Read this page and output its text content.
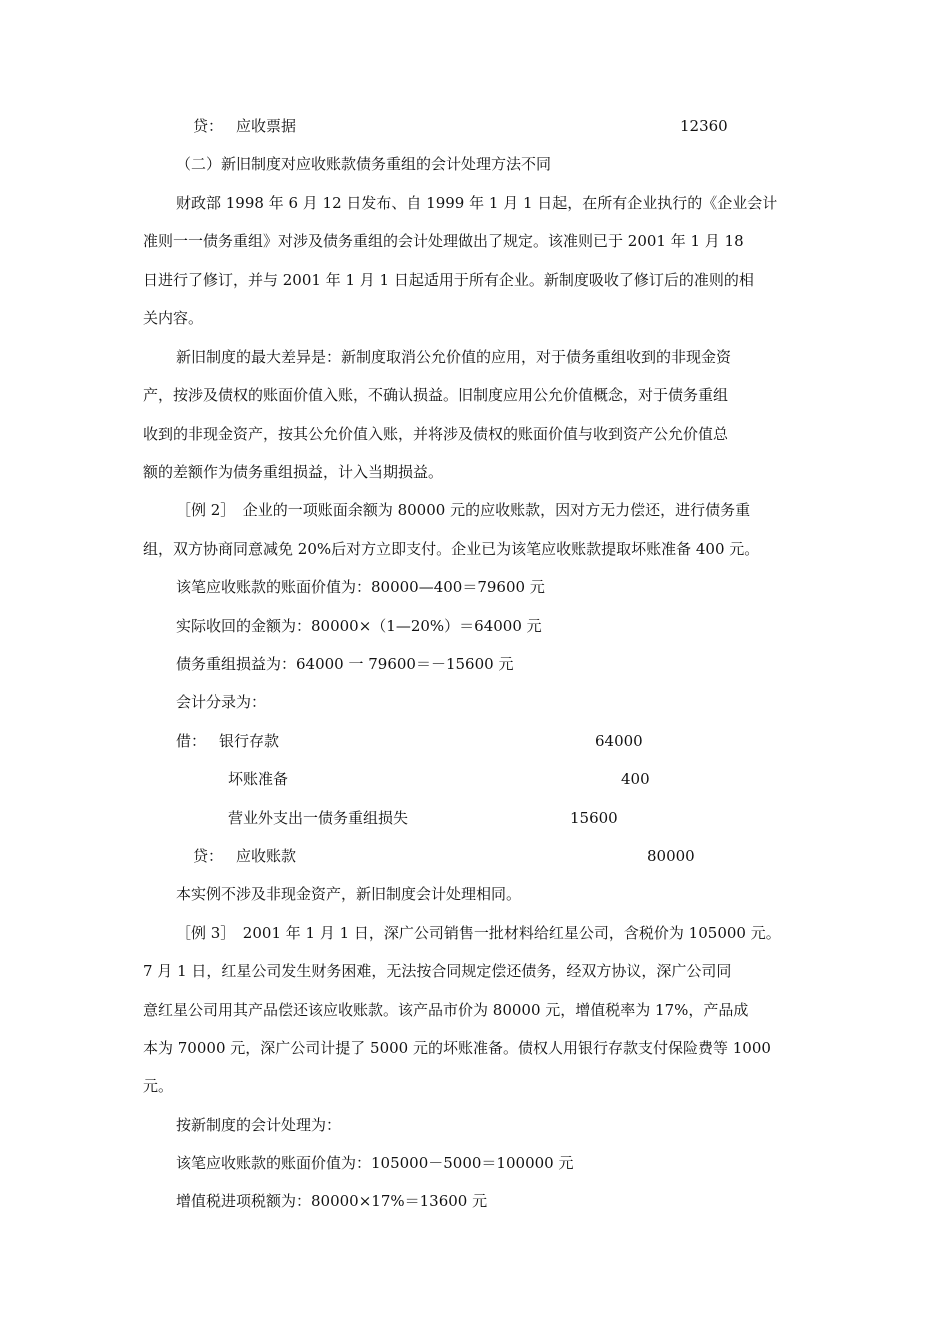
贷： 应收票据	12360
（二）新旧制度对应收账款债务重组的会计处理方法不同
财政部 1998 年 6 月 12 日发布、自 1999 年 1 月 1 日起，在所有企业执行的《企业会计
准则一一债务重组》对涉及债务重组的会计处理做出了规定。该准则已于 2001 年 1 月 18
日进行了修订，并与 2001 年 1 月 1 日起适用于所有企业。新制度吸收了修订后的准则的相
关内容。
新旧制度的最大差异是：新制度取消公允价值的应用，对于债务重组收到的非现金资
产，按涉及债权的账面价值入账，不确认损益。旧制度应用公允价值概念，对于债务重组
收到的非现金资产，按其公允价值入账，并将涉及债权的账面价值与收到资产公允价值总
额的差额作为债务重组损益，计入当期损益。
［例 2］　企业的一项账面余额为 80000 元的应收账款，因对方无力偿还，进行债务重
组，双方协商同意减免 20%后对方立即支付。企业已为该笔应收账款提取坏账准备 400 元。
该笔应收账款的账面价值为：80000—400＝79600 元
实际收回的金额为：80000×（1—20%）＝64000 元
债务重组损益为：64000 一 79600＝－15600 元
会计分录为：
借： 银行存款	64000
坏账准备	400
营业外支出一债务重组损失	15600
贷： 应收账款	80000
本实例不涉及非现金资产，新旧制度会计处理相同。
［例 3］　2001 年 1 月 1 日，深广公司销售一批材料给红星公司，含税价为 105000 元。
7 月 1 日，红星公司发生财务困难，无法按合同规定偿还债务，经双方协议，深广公司同
意红星公司用其产品偿还该应收账款。该产品市价为 80000 元，增值税率为 17%，产品成
本为 70000 元，深广公司计提了 5000 元的坏账准备。债权人用银行存款支付保险费等 1000
元。
按新制度的会计处理为：
该笔应收账款的账面价值为：105000－5000＝100000 元
增值税进项税额为：80000×17%＝13600 元
